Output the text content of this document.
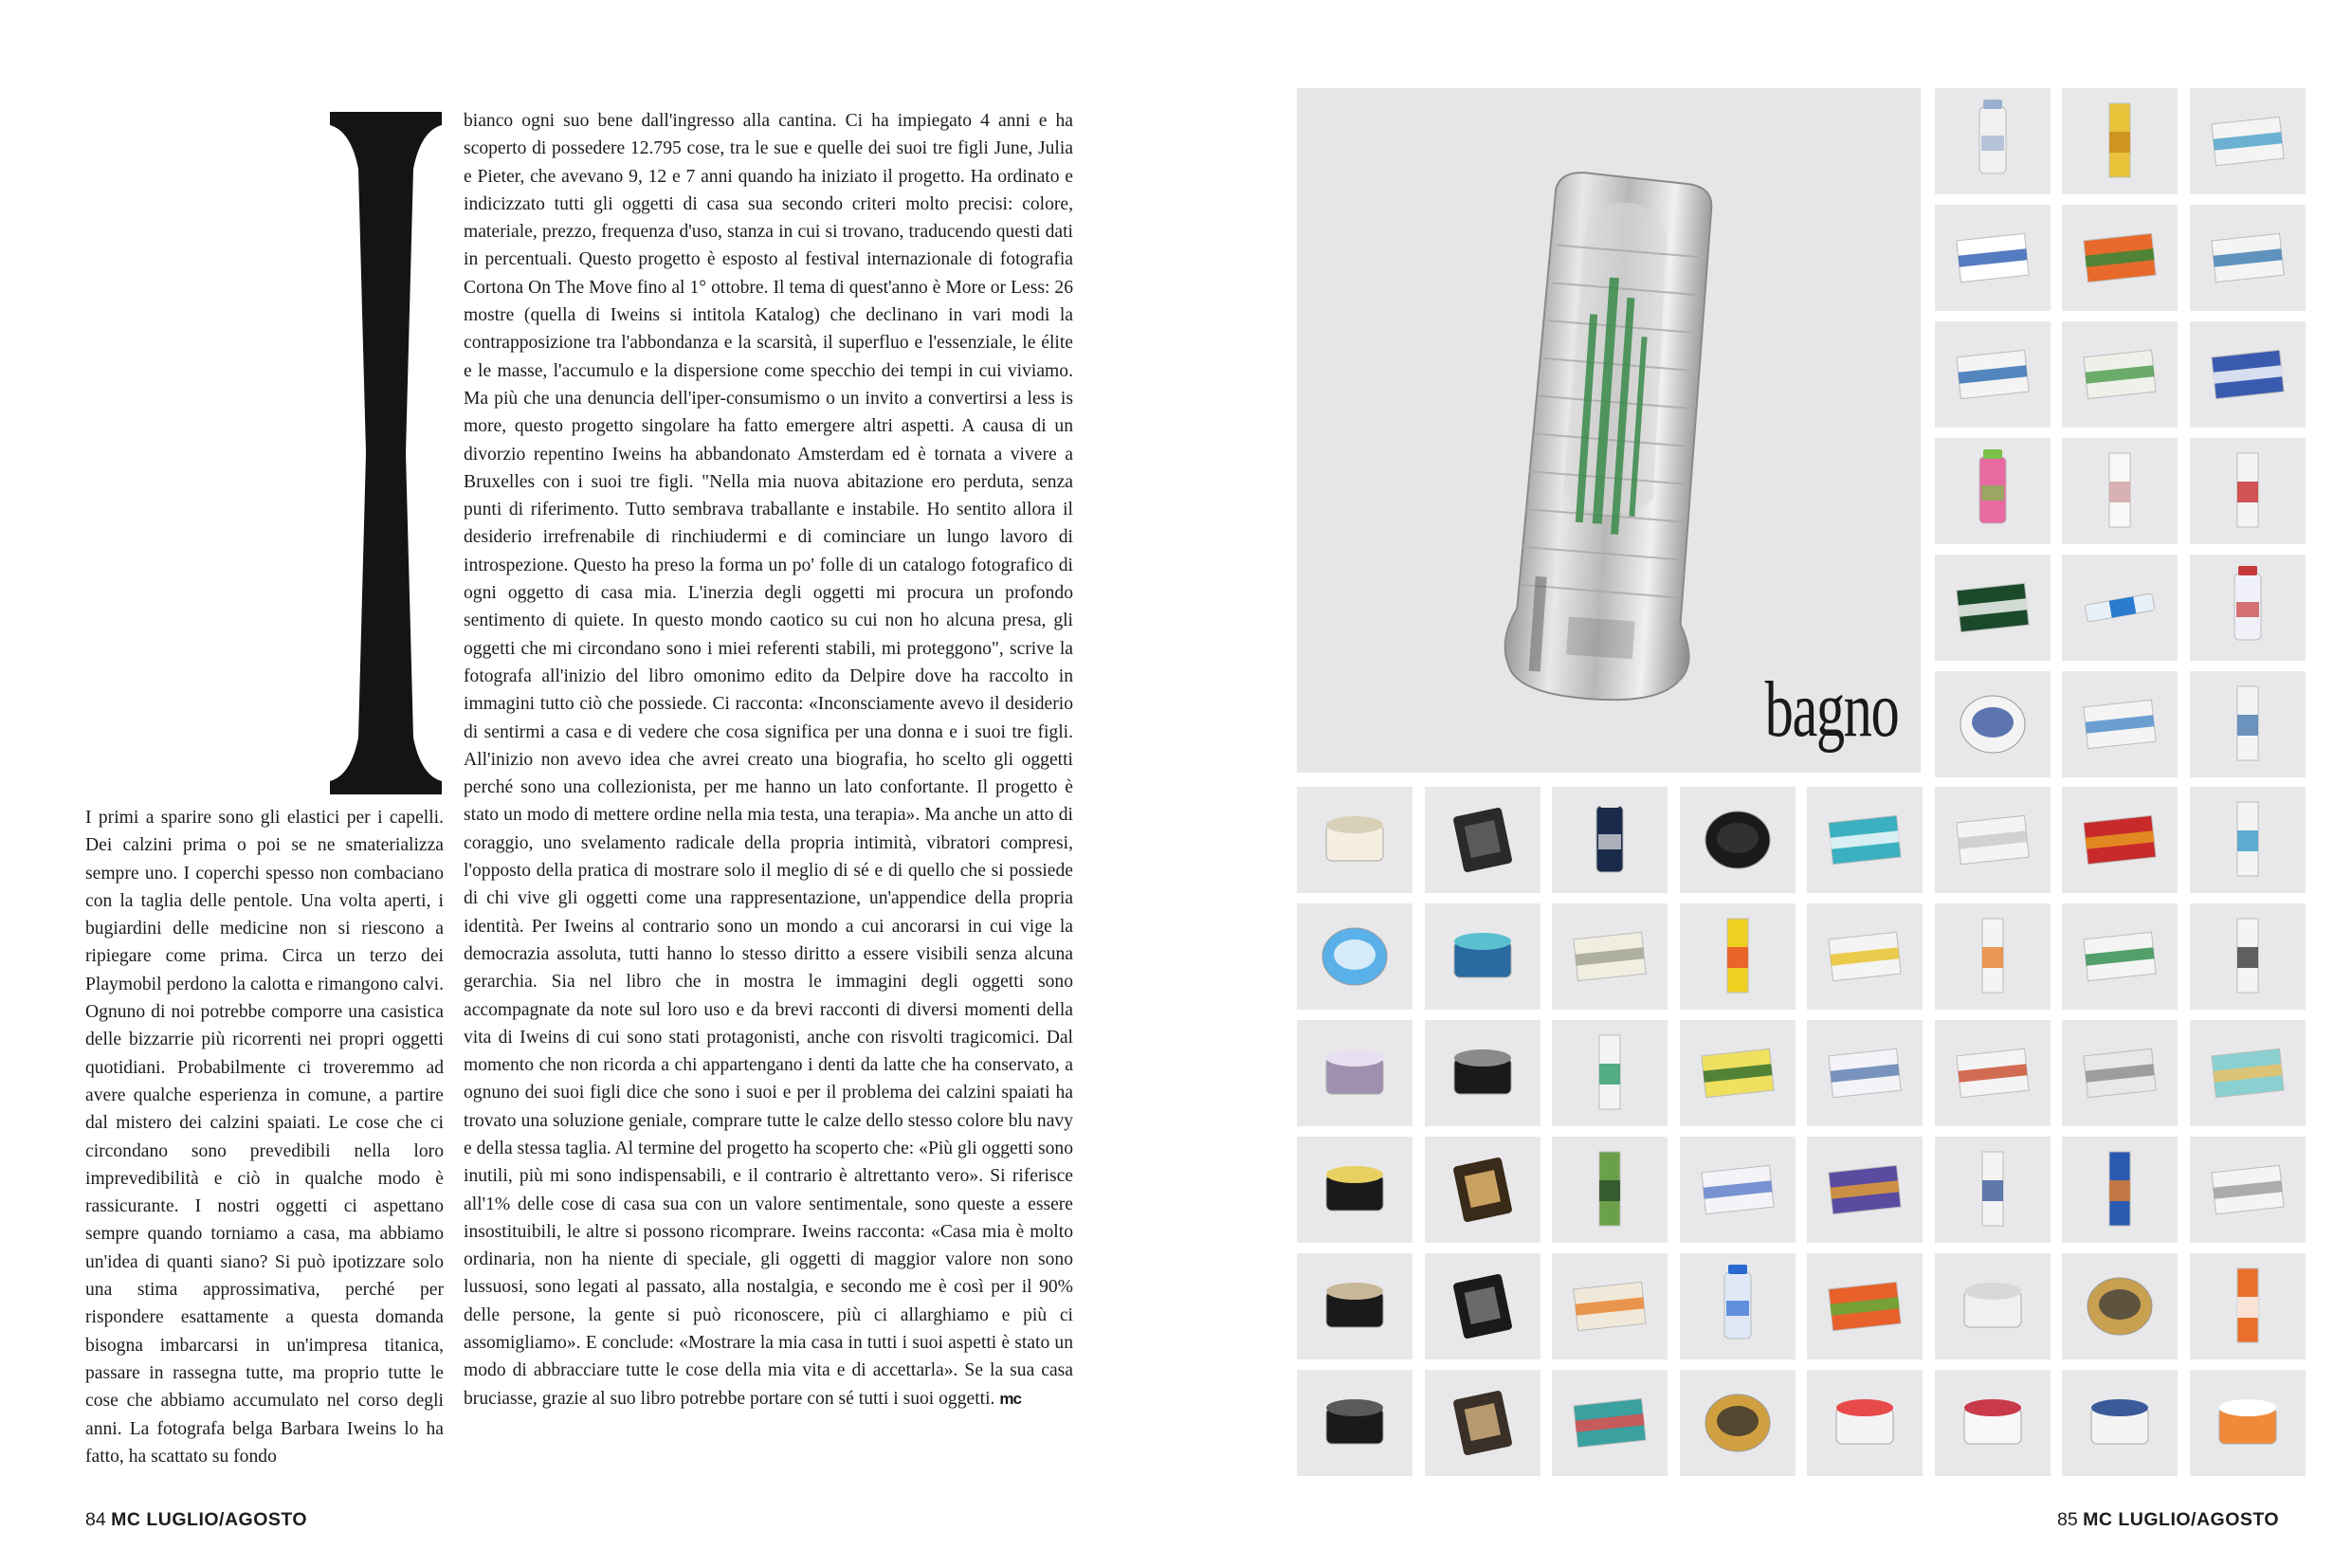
I primi a sparire sono gli elastici per i capelli. Dei calzini prima o poi se ne smaterializza sempre uno. I coperchi spesso non combaciano con la taglia delle pentole. Una volta aperti, i bugiardini delle medicine non si riescono a ripiegare come prima. Circa un terzo dei Playmobil perdono la calotta e rimangono calvi. Ognuno di noi potrebbe comporre una casistica delle bizzarrie più ricorrenti nei propri oggetti quotidiani. Probabilmente ci troveremmo ad avere qualche esperienza in comune, a partire dal mistero dei calzini spaiati. Le cose che ci circondano sono prevedibili nella loro imprevedibilità e ciò in qualche modo è rassicurante. I nostri oggetti ci aspettano sempre quando torniamo a casa, ma abbiamo un'idea di quanti siano? Si può ipotizzare solo una stima approssimativa, perché per rispondere esattamente a questa domanda bisogna imbarcarsi in un'impresa titanica, passare in rassegna tutte, ma proprio tutte le cose che abbiamo accumulato nel corso degli anni. La fotografa belga Barbara Iweins lo ha fatto, ha scattato su fondo

bianco ogni suo bene dall'ingresso alla cantina. Ci ha impiegato 4 anni e ha scoperto di possedere 12.795 cose, tra le sue e quelle dei suoi tre figli June, Julia e Pieter, che avevano 9, 12 e 7 anni quando ha iniziato il progetto. Ha ordinato e indicizzato tutti gli oggetti di casa sua secondo criteri molto precisi: colore, materiale, prezzo, frequenza d'uso, stanza in cui si trovano, traducendo questi dati in percentuali. Questo progetto è esposto al festival internazionale di fotografia Cortona On The Move fino al 1° ottobre. Il tema di quest'anno è More or Less: 26 mostre (quella di Iweins si intitola Katalog) che declinano in vari modi la contrapposizione tra l'abbondanza e la scarsità, il superfluo e l'essenziale, le élite e le masse, l'accumulo e la dispersione come specchio dei tempi in cui viviamo. Ma più che una denuncia dell'iper-consumismo o un invito a convertirsi a less is more, questo progetto singolare ha fatto emergere altri aspetti. A causa di un divorzio repentino Iweins ha abbandonato Amsterdam ed è tornata a vivere a Bruxelles con i suoi tre figli. "Nella mia nuova abitazione ero perduta, senza punti di riferimento. Tutto sembrava traballante e instabile. Ho sentito allora il desiderio irrefrenabile di rinchiudermi e di cominciare un lungo lavoro di introspezione. Questo ha preso la forma un po' folle di un catalogo fotografico di ogni oggetto di casa mia. L'inerzia degli oggetti mi procura un profondo sentimento di quiete. In questo mondo caotico su cui non ho alcuna presa, gli oggetti che mi circondano sono i miei referenti stabili, mi proteggono", scrive la fotografa all'inizio del libro omonimo edito da Delpire dove ha raccolto in immagini tutto ciò che possiede. Ci racconta: «Inconsciamente avevo il desiderio di sentirmi a casa e di vedere che cosa significa per una donna e i suoi tre figli. All'inizio non avevo idea che avrei creato una biografia, ho scelto gli oggetti perché sono una collezionista, per me hanno un lato confortante. Il progetto è stato un modo di mettere ordine nella mia testa, una terapia». Ma anche un atto di coraggio, uno svelamento radicale della propria intimità, vibratori compresi, l'opposto della pratica di mostrare solo il meglio di sé e di quello che si possiede di chi vive gli oggetti come una rappresentazione, un'appendice della propria identità. Per Iweins al contrario sono un mondo a cui ancorarsi in cui vige la democrazia assoluta, tutti hanno lo stesso diritto a essere visibili senza alcuna gerarchia. Sia nel libro che in mostra le immagini degli oggetti sono accompagnate da note sul loro uso e da brevi racconti di diversi momenti della vita di Iweins di cui sono stati protagonisti, anche con risvolti tragicomici. Dal momento che non ricorda a chi appartengano i denti da latte che ha conservato, a ognuno dei suoi figli dice che sono i suoi e per il problema dei calzini spaiati ha trovato una soluzione geniale, comprare tutte le calze dello stesso colore blu navy e della stessa taglia. Al termine del progetto ha scoperto che: «Più gli oggetti sono inutili, più mi sono indispensabili, e il contrario è altrettanto vero». Si riferisce all'1% delle cose di casa sua con un valore sentimentale, sono queste a essere insostituibili, le altre si possono ricomprare. Iweins racconta: «Casa mia è molto ordinaria, non ha niente di speciale, gli oggetti di maggior valore non sono lussuosi, sono legati al passato, alla nostalgia, e secondo me è così per il 90% delle persone, la gente si può riconoscere, più ci allarghiamo e più ci assomigliamo». E conclude: «Mostrare la mia casa in tutti i suoi aspetti è stato un modo di abbracciare tutte le cose della mia vita e di accettarla». Se la sua casa bruciasse, grazie al suo libro potrebbe portare con sé tutti i suoi oggetti. mc

bagno
84 MC LUGLIO/AGOSTO	85 MC LUGLIO/AGOSTO
